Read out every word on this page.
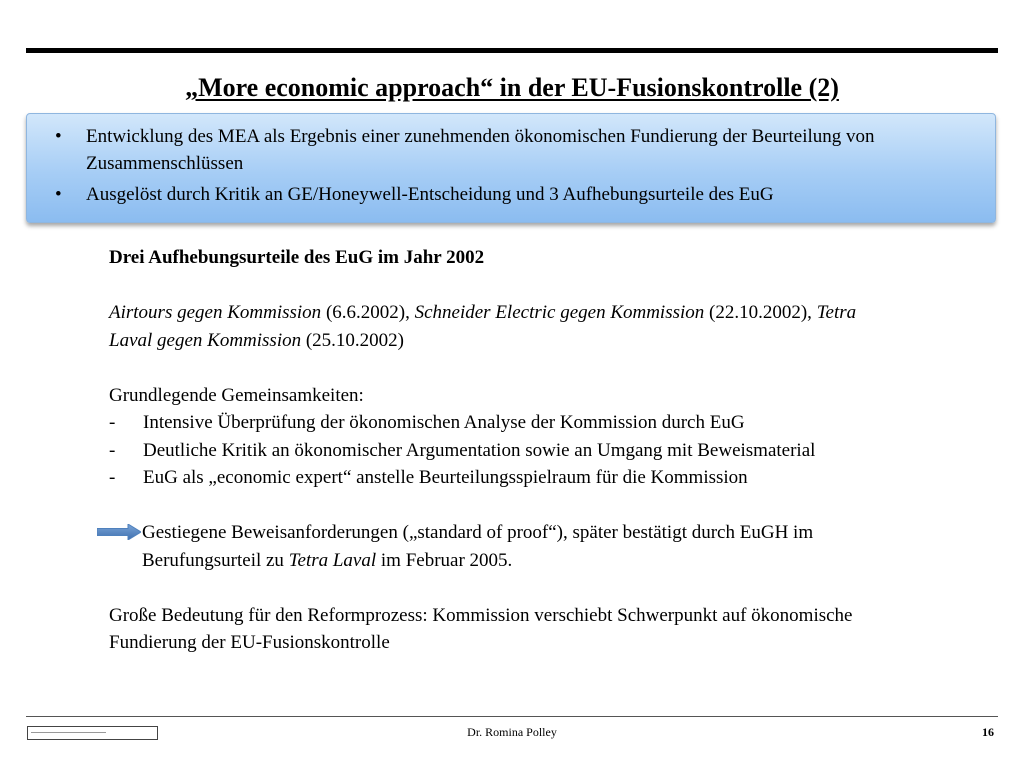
„More economic approach“ in der EU-Fusionskontrolle (2)
• Entwicklung des MEA als Ergebnis einer zunehmenden ökonomischen Fundierung der Beurteilung von Zusammenschlüssen
• Ausgelöst durch Kritik an GE/Honeywell-Entscheidung und 3 Aufhebungsurteile des EuG

Drei Aufhebungsurteile des EuG im Jahr 2002

Airtours gegen Kommission (6.6.2002), Schneider Electric gegen Kommission (22.10.2002), Tetra Laval gegen Kommission (25.10.2002)

Grundlegende Gemeinsamkeiten:

- Intensive Überprüfung der ökonomischen Analyse der Kommission durch EuG

- Deutliche Kritik an ökonomischer Argumentation sowie an Umgang mit Beweismaterial

- EuG als „economic expert“ anstelle Beurteilungsspielraum für die Kommission

Gestiegene Beweisanforderungen („standard of proof“), später bestätigt durch EuGH im Berufungsurteil zu Tetra Laval im Februar 2005.

Große Bedeutung für den Reformprozess: Kommission verschiebt Schwerpunkt auf ökonomische Fundierung der EU-Fusionskontrolle

Dr. Romina Polley	16
